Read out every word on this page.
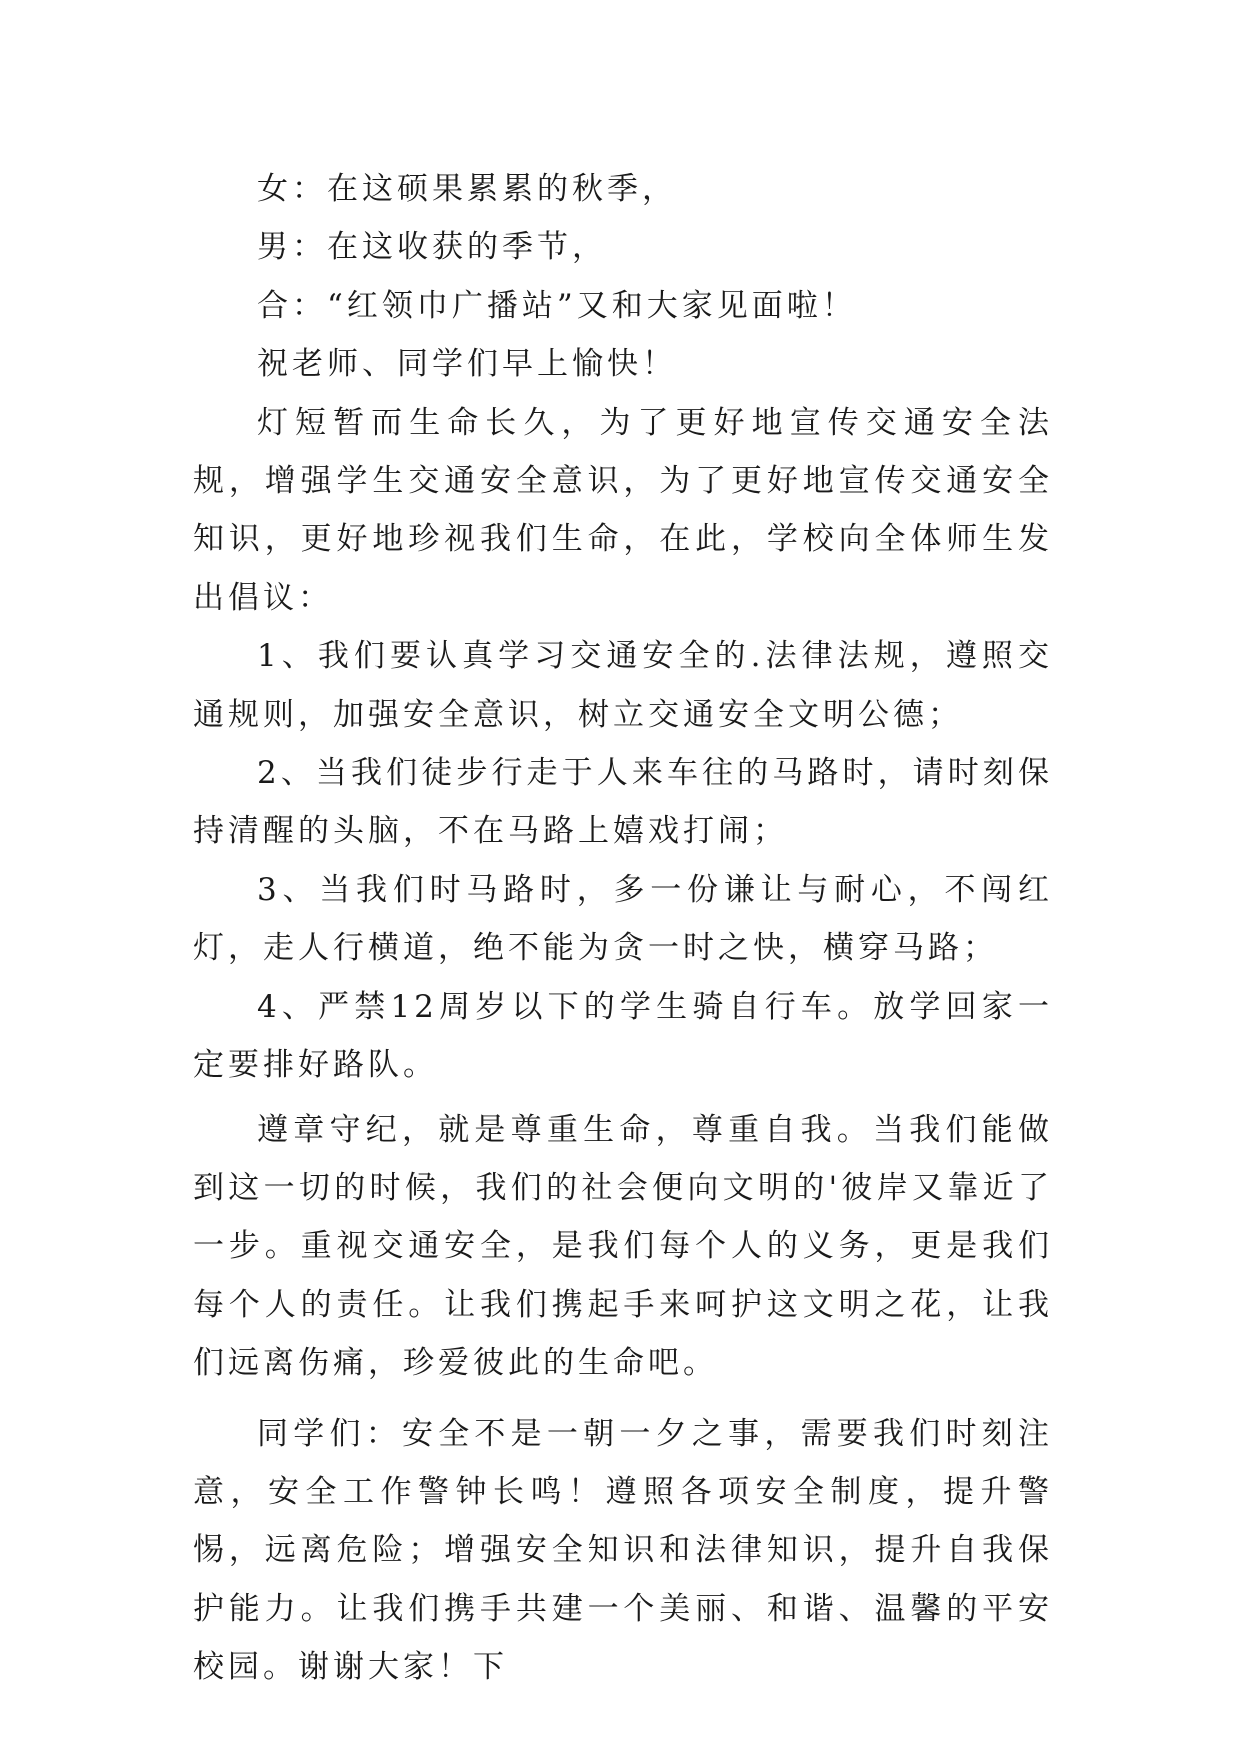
女：在这硕果累累的秋季，

男：在这收获的季节，

合：“红领巾广播站”又和大家见面啦！

祝老师、同学们早上愉快！

灯短暂而生命长久，为了更好地宣传交通安全法规，增强学生交通安全意识，为了更好地宣传交通安全知识，更好地珍视我们生命，在此，学校向全体师生发出倡议：

1、我们要认真学习交通安全的.法律法规，遵照交通规则，加强安全意识，树立交通安全文明公德；

2、当我们徒步行走于人来车往的马路时，请时刻保持清醒的头脑，不在马路上嬉戏打闹；

3、当我们时马路时，多一份谦让与耐心，不闯红灯，走人行横道，绝不能为贪一时之快，横穿马路；

4、严禁12周岁以下的学生骑自行车。放学回家一定要排好路队。

遵章守纪，就是尊重生命，尊重自我。当我们能做到这一切的时候，我们的社会便向文明的'彼岸又靠近了一步。重视交通安全，是我们每个人的义务，更是我们每个人的责任。让我们携起手来呵护这文明之花，让我们远离伤痛，珍爱彼此的生命吧。

同学们：安全不是一朝一夕之事，需要我们时刻注意，安全工作警钟长鸣！遵照各项安全制度，提升警惕，远离危险；增强安全知识和法律知识，提升自我保护能力。让我们携手共建一个美丽、和谐、温馨的平安校园。谢谢大家！下
